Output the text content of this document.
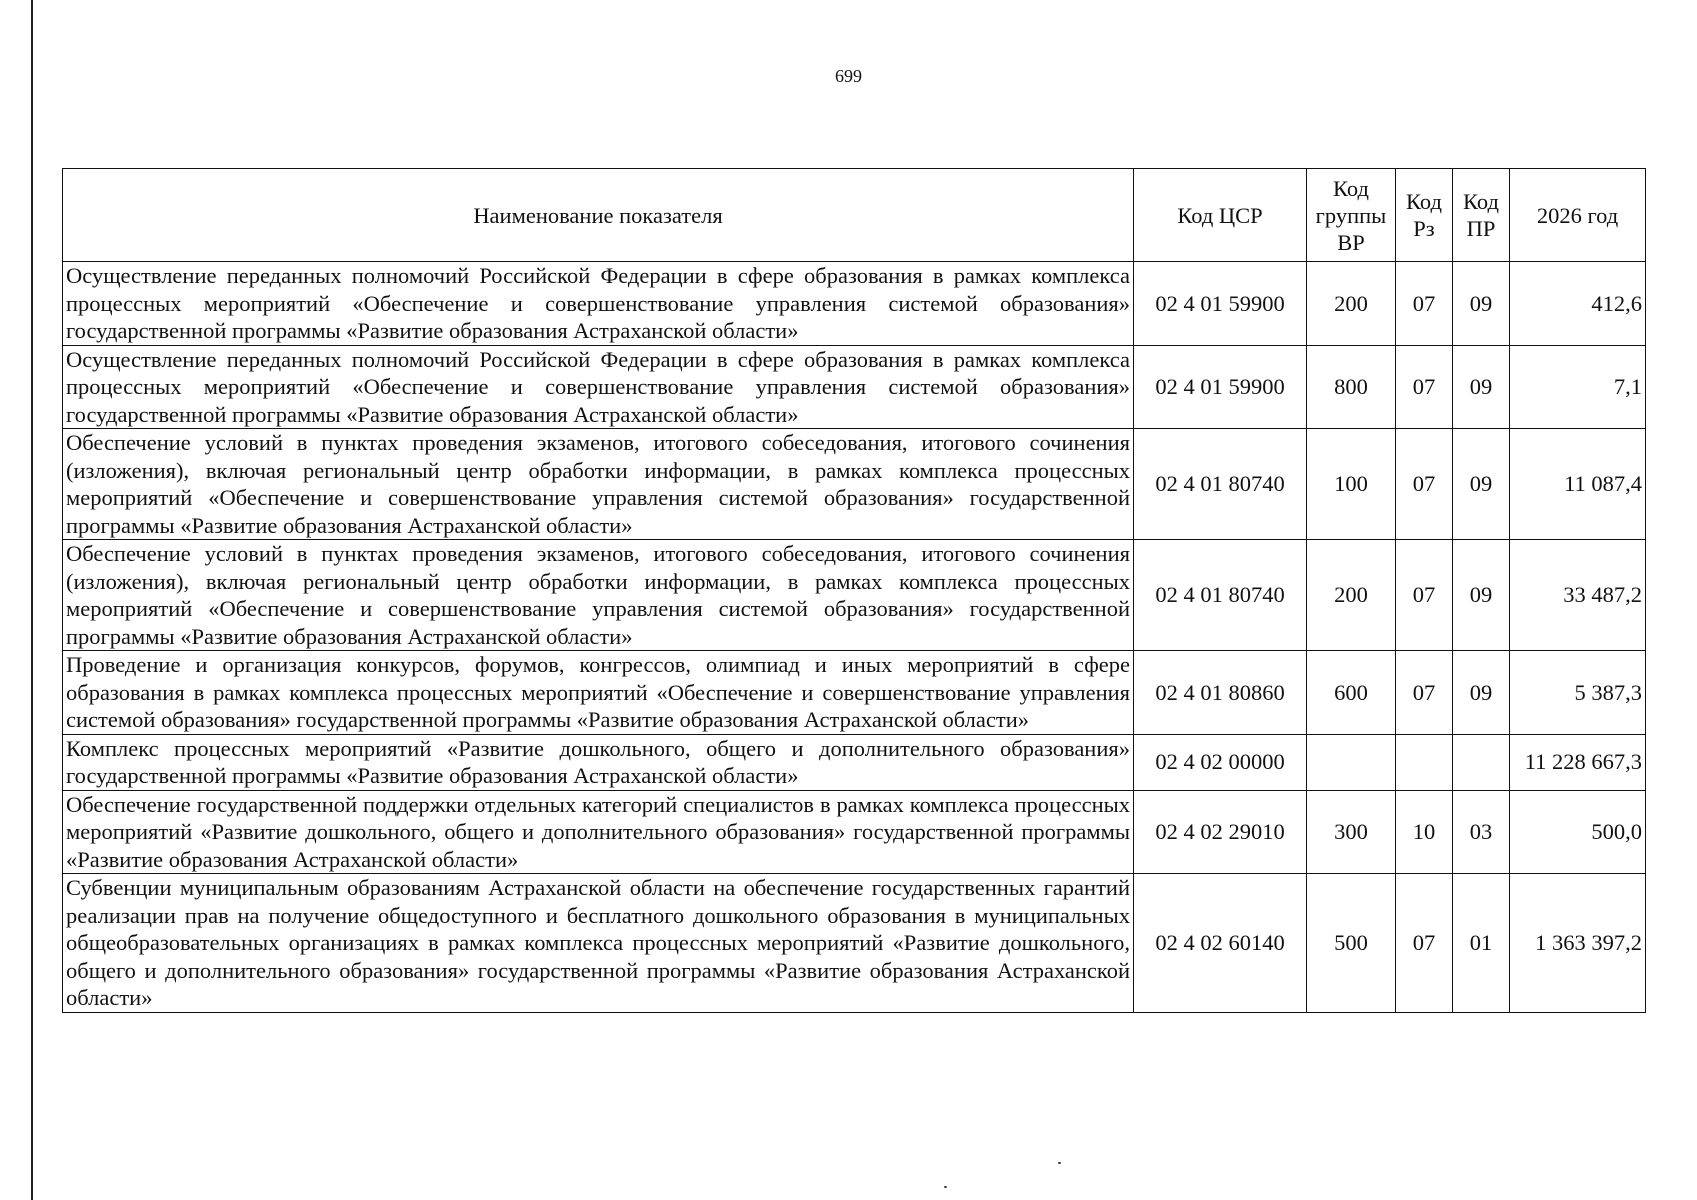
699
Наименование показателя	Код ЦСР	Код группы ВР	Код Рз	Код ПР	2026 год
Осуществление переданных полномочий Российской Федерации в сфере образования в рамках комплекса процессных мероприятий «Обеспечение и совершенствование управления системой образования» государственной программы «Развитие образования Астраханской области»	02 4 01 59900	200	07	09	412,6
Осуществление переданных полномочий Российской Федерации в сфере образования в рамках комплекса процессных мероприятий «Обеспечение и совершенствование управления системой образования» государственной программы «Развитие образования Астраханской области»	02 4 01 59900	800	07	09	7,1
Обеспечение условий в пунктах проведения экзаменов, итогового собеседования, итогового сочинения (изложения), включая региональный центр обработки информации, в рамках комплекса процессных мероприятий «Обеспечение и совершенствование управления системой образования» государственной программы «Развитие образования Астраханской области»	02 4 01 80740	100	07	09	11 087,4
Обеспечение условий в пунктах проведения экзаменов, итогового собеседования, итогового сочинения (изложения), включая региональный центр обработки информации, в рамках комплекса процессных мероприятий «Обеспечение и совершенствование управления системой образования» государственной программы «Развитие образования Астраханской области»	02 4 01 80740	200	07	09	33 487,2
Проведение и организация конкурсов, форумов, конгрессов, олимпиад и иных мероприятий в сфере образования в рамках комплекса процессных мероприятий «Обеспечение и совершенствование управления системой образования» государственной программы «Развитие образования Астраханской области»	02 4 01 80860	600	07	09	5 387,3
Комплекс процессных мероприятий «Развитие дошкольного, общего и дополнительного образования» государственной программы «Развитие образования Астраханской области»	02 4 02 00000				11 228 667,3
Обеспечение государственной поддержки отдельных категорий специалистов в рамках комплекса процессных мероприятий «Развитие дошкольного, общего и дополнительного образования» государственной программы «Развитие образования Астраханской области»	02 4 02 29010	300	10	03	500,0
Субвенции муниципальным образованиям Астраханской области на обеспечение государственных гарантий реализации прав на получение общедоступного и бесплатного дошкольного образования в муниципальных общеобразовательных организациях в рамках комплекса процессных мероприятий «Развитие дошкольного, общего и дополнительного образования» государственной программы «Развитие образования Астраханской области»	02 4 02 60140	500	07	01	1 363 397,2
